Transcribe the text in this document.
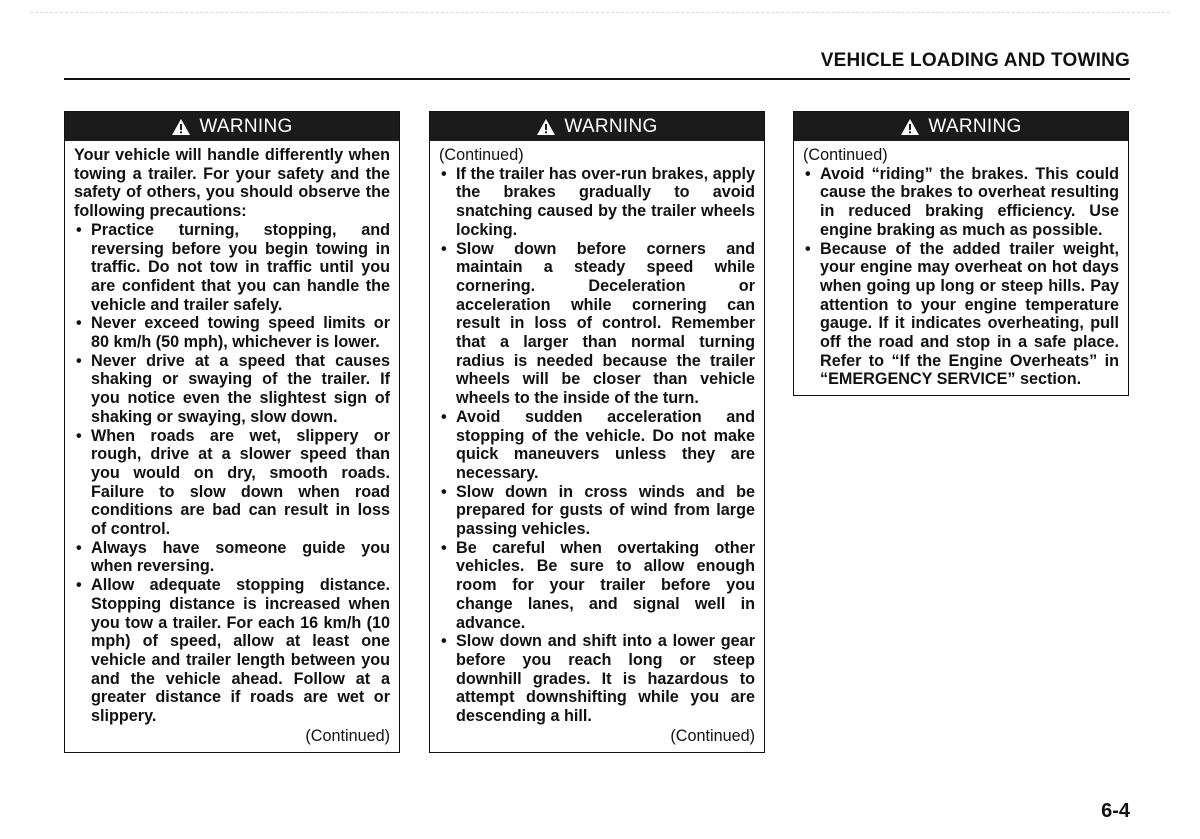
VEHICLE LOADING AND TOWING
WARNING
Your vehicle will handle differently when towing a trailer. For your safety and the safety of others, you should observe the following precautions:
• Practice turning, stopping, and reversing before you begin towing in traffic. Do not tow in traffic until you are confident that you can handle the vehicle and trailer safely.
• Never exceed towing speed limits or 80 km/h (50 mph), whichever is lower.
• Never drive at a speed that causes shaking or swaying of the trailer. If you notice even the slightest sign of shaking or swaying, slow down.
• When roads are wet, slippery or rough, drive at a slower speed than you would on dry, smooth roads. Failure to slow down when road conditions are bad can result in loss of control.
• Always have someone guide you when reversing.
• Allow adequate stopping distance. Stopping distance is increased when you tow a trailer. For each 16 km/h (10 mph) of speed, allow at least one vehicle and trailer length between you and the vehicle ahead. Follow at a greater distance if roads are wet or slippery.
(Continued)
WARNING
(Continued)
• If the trailer has over-run brakes, apply the brakes gradually to avoid snatching caused by the trailer wheels locking.
• Slow down before corners and maintain a steady speed while cornering. Deceleration or acceleration while cornering can result in loss of control. Remember that a larger than normal turning radius is needed because the trailer wheels will be closer than vehicle wheels to the inside of the turn.
• Avoid sudden acceleration and stopping of the vehicle. Do not make quick maneuvers unless they are necessary.
• Slow down in cross winds and be prepared for gusts of wind from large passing vehicles.
• Be careful when overtaking other vehicles. Be sure to allow enough room for your trailer before you change lanes, and signal well in advance.
• Slow down and shift into a lower gear before you reach long or steep downhill grades. It is hazardous to attempt downshifting while you are descending a hill.
(Continued)
WARNING
(Continued)
• Avoid “riding” the brakes. This could cause the brakes to overheat resulting in reduced braking efficiency. Use engine braking as much as possible.
• Because of the added trailer weight, your engine may overheat on hot days when going up long or steep hills. Pay attention to your engine temperature gauge. If it indicates overheating, pull off the road and stop in a safe place. Refer to “If the Engine Overheats” in “EMERGENCY SERVICE” section.
6-4
